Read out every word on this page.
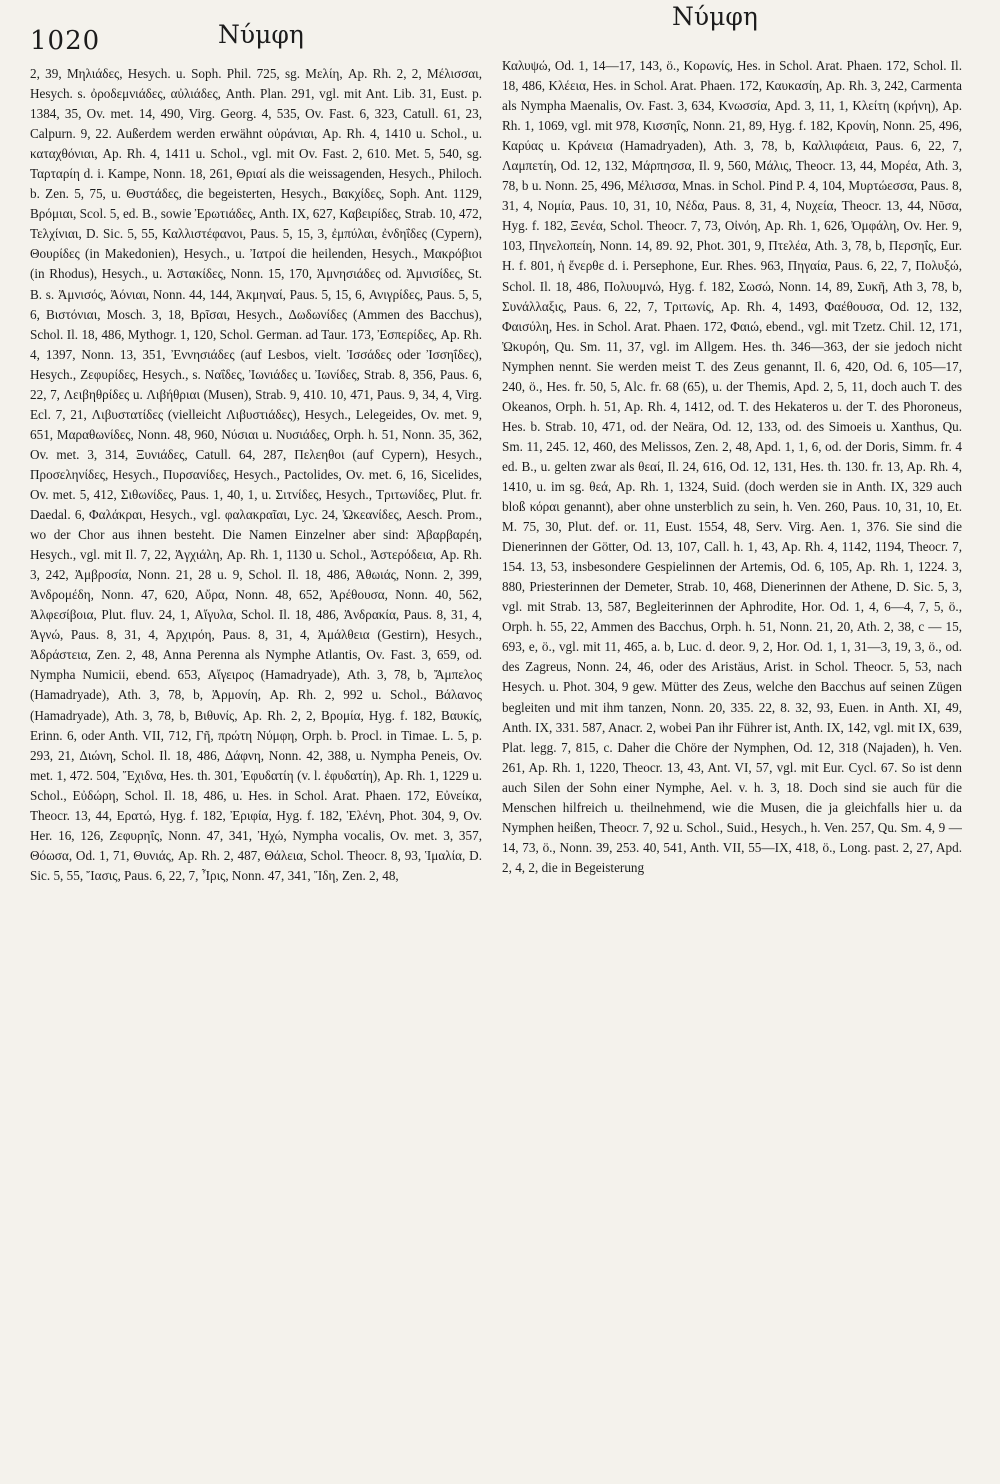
1020	Νύμφη
Νύμφη

2, 39, Μηλιάδες, Hesych. u. Soph. Phil. 725, sg. Μελίη, Ap. Rh. 2, 2, Μέλισσαι, Hesych. s. ὀροδεμνιάδες, αὐλιάδες, Anth. Plan. 291, vgl. mit Ant. Lib. 31, Eust. p. 1384, 35, Ov. met. 14, 490, Virg. Georg. 4, 535, Ov. Fast. 6, 323, Catull. 61, 23, Calpurn. 9, 22. Außerdem werden erwähnt οὐράνιαι, Ap. Rh. 4, 1410 u. Schol., u. καταχθόνιαι, Ap. Rh. 4, 1411 u. Schol., vgl. mit Ov. Fast. 2, 610. Met. 5, 540, sg. Ταρταρίη d. i. Kampe, Nonn. 18, 261, Θριαί als die weissagenden, Hesych., Philoch. b. Zen. 5, 75, u. Θυστάδες, die begeisterten, Hesych., Βακχίδες, Soph. Ant. 1129, Βρόμιαι, Scol. 5, ed. B., sowie Ἐρωτιάδες, Anth. IX, 627, Καβειρίδες, Strab. 10, 472, Τελχίνιαι, D. Sic. 5, 55, Καλλιστέφανοι, Paus. 5, 15, 3, ἐμπύλαι, ἐνδηΐδες (Cypern), Θουρίδες (in Makedonien), Hesych., u. Ἰατροί die heilenden, Hesych., Μακρόβιοι (in Rhodus), Hesych., u. Ἀστακίδες, Nonn. 15, 170, Ἀμνησιάδες od. Ἀμνισίδες, St. B. s. Ἀμνισός, Ἀόνιαι, Nonn. 44, 144, Ἀκμηναί, Paus. 5, 15, 6, Ανιγρίδες, Paus. 5, 5, 6, Βιστόνιαι, Mosch. 3, 18, Βρῖσαι, Hesych., Δωδωνίδες (Ammen des Bacchus), Schol. Il. 18, 486, Mythogr. 1, 120, Schol. German. ad Taur. 173, Ἐσπερίδες, Ap. Rh. 4, 1397, Nonn. 13, 351, Ἐννησιάδες (auf Lesbos, vielt. Ἰσσάδες oder Ἰσσηΐδες), Hesych., Ζεφυρίδες, Hesych., s. Ναΐδες, Ἰωνιάδες u. Ἰωνίδες, Strab. 8, 356, Paus. 6, 22, 7, Λειβηθρίδες u. Λιβήθριαι (Musen), Strab. 9, 410. 10, 471, Paus. 9, 34, 4, Virg. Ecl. 7, 21, Λιβυστατίδες (vielleicht Λιβυστιάδες), Hesych., Lelegeides, Ov. met. 9, 651, Μαραθωνίδες, Nonn. 48, 960, Νύσιαι u. Νυσιάδες, Orph. h. 51, Nonn. 35, 362, Ov. met. 3, 314, Ξυνιάδες, Catull. 64, 287, Πελεηθοι (auf Cypern), Hesych., Προσεληνίδες, Hesych., Πυρσανίδες, Hesych., Pactolides, Ov. met. 6, 16, Sicelides, Ov. met. 5, 412, Σιθωνίδες, Paus. 1, 40, 1, u. Σιτνίδες, Hesych., Τριτωνίδες, Plut. fr. Daedal. 6, Φαλάκραι, Hesych., vgl. φαλακραῖαι, Lyc. 24, Ὠκεανίδες, Aesch. Prom., wo der Chor aus ihnen besteht. Die Namen Einzelner aber sind: Ἀβαρβαρέη, Hesych., vgl. mit Il. 7, 22, Ἀγχιάλη, Ap. Rh. 1, 1130 u. Schol., Ἀστερόδεια, Ap. Rh. 3, 242, Ἀμβροσία, Nonn. 21, 28 u. 9, Schol. Il. 18, 486, Ἀθωιάς, Nonn. 2, 399, Ἀνδρομέδη, Nonn. 47, 620, Αὔρα, Nonn. 48, 652, Ἀρέθουσα, Nonn. 40, 562, Ἀλφεσίβοια, Plut. fluv. 24, 1, Αἴγυλα, Schol. Il. 18, 486, Ἀνδρακία, Paus. 8, 31, 4, Ἁγνώ, Paus. 8, 31, 4, Ἀρχιρόη, Paus. 8, 31, 4, Ἀμάλθεια (Gestirn), Hesych., Ἀδράστεια, Zen. 2, 48, Anna Perenna als Nymphe Atlantis, Ov. Fast. 3, 659, od. Nympha Numicii, ebend. 653, Αἴγειρος (Hamadryade), Ath. 3, 78, b, Ἄμπελος (Hamadryade), Ath. 3, 78, b, Ἁρμονίη, Ap. Rh. 2, 992 u. Schol., Βάλανος (Hamadryade), Ath. 3, 78, b, Βιθυνίς, Ap. Rh. 2, 2, Βρομία, Hyg. f. 182, Βαυκίς, Erinn. 6, oder Anth. VII, 712, Γῆ, πρώτη Νύμφη, Orph. b. Procl. in Timae. L. 5, p. 293, 21, Διώνη, Schol. Il. 18, 486, Δάφνη, Nonn. 42, 388, u. Nympha Peneis, Ov. met. 1, 472. 504, Ἔχιδνα, Hes. th. 301, Ἐφυδατίη (v. l. ἐφυδατίη), Ap. Rh. 1, 1229 u. Schol., Εὐδώρη, Schol. Il. 18, 486, u. Hes. in Schol. Arat. Phaen. 172, Εὐνείκα, Theocr. 13, 44, Ερατώ, Hyg. f. 182, Ἐριφία, Hyg. f. 182, Ἑλένη, Phot. 304, 9, Ov. Her. 16, 126, Ζεφυρηΐς, Nonn. 47, 341, Ἠχώ, Nympha vocalis, Ov. met. 3, 357, Θόωσα, Od. 1, 71, Θυνιάς, Ap. Rh. 2, 487, Θάλεια, Schol. Theocr. 8, 93, Ἱμαλία, D. Sic. 5, 55, Ἴασις, Paus. 6, 22, 7, Ἶρις, Nonn. 47, 341, Ἴδη, Zen. 2, 48,

Καλυψώ, Od. 1, 14—17, 143, ö., Κορωνίς, Hes. in Schol. Arat. Phaen. 172, Schol. Il. 18, 486, Κλέεια, Hes. in Schol. Arat. Phaen. 172, Καυκασίη, Ap. Rh. 3, 242, Carmenta als Nympha Maenalis, Ov. Fast. 3, 634, Κνωσσία, Apd. 3, 11, 1, Κλείτη (κρήνη), Ap. Rh. 1, 1069, vgl. mit 978, Κισσηΐς, Nonn. 21, 89, Hyg. f. 182, Κρονίη, Nonn. 25, 496, Καρύας u. Κράνεια (Hamadryaden), Ath. 3, 78, b, Καλλιφάεια, Paus. 6, 22, 7, Λαμπετίη, Od. 12, 132, Μάρπησσα, Il. 9, 560, Μάλις, Theocr. 13, 44, Μορέα, Ath. 3, 78, b u. Nonn. 25, 496, Μέλισσα, Mnas. in Schol. Pind P. 4, 104, Μυρτώεσσα, Paus. 8, 31, 4, Νομία, Paus. 10, 31, 10, Νέδα, Paus. 8, 31, 4, Νυχεία, Theocr. 13, 44, Νῦσα, Hyg. f. 182, Ξενέα, Schol. Theocr. 7, 73, Οἰνόη, Ap. Rh. 1, 626, Ὀμφάλη, Ov. Her. 9, 103, Πηνελοπείη, Nonn. 14, 89. 92, Phot. 301, 9, Πτελέα, Ath. 3, 78, b, Περσηΐς, Eur. H. f. 801, ἡ ἔνερθε d. i. Persephone, Eur. Rhes. 963, Πηγαία, Paus. 6, 22, 7, Πολυξώ, Schol. Il. 18, 486, Πολυυμνώ, Hyg. f. 182, Σωσώ, Nonn. 14, 89, Συκῆ, Ath 3, 78, b, Συνάλλαξις, Paus. 6, 22, 7, Τριτωνίς, Ap. Rh. 4, 1493, Φαέθουσα, Od. 12, 132, Φαισύλη, Hes. in Schol. Arat. Phaen. 172, Φαιώ, ebend., vgl. mit Tzetz. Chil. 12, 171, Ὠκυρόη, Qu. Sm. 11, 37, vgl. im Allgem. Hes. th. 346—363, der sie jedoch nicht Nymphen nennt. Sie werden meist T. des Zeus genannt, Il. 6, 420, Od. 6, 105—17, 240, ö., Hes. fr. 50, 5, Alc. fr. 68 (65), u. der Themis, Apd. 2, 5, 11, doch auch T. des Okeanos, Orph. h. 51, Ap. Rh. 4, 1412, od. T. des Hekateros u. der T. des Phoroneus, Hes. b. Strab. 10, 471, od. der Neära, Od. 12, 133, od. des Simoeis u. Xanthus, Qu. Sm. 11, 245. 12, 460, des Melissos, Zen. 2, 48, Apd. 1, 1, 6, od. der Doris, Simm. fr. 4 ed. B., u. gelten zwar als θεαί, Il. 24, 616, Od. 12, 131, Hes. th. 130. fr. 13, Ap. Rh. 4, 1410, u. im sg. θεά, Ap. Rh. 1, 1324, Suid. (doch werden sie in Anth. IX, 329 auch bloß κόραι genannt), aber ohne unsterblich zu sein, h. Ven. 260, Paus. 10, 31, 10, Et. M. 75, 30, Plut. def. or. 11, Eust. 1554, 48, Serv. Virg. Aen. 1, 376. Sie sind die Dienerinnen der Götter, Od. 13, 107, Call. h. 1, 43, Ap. Rh. 4, 1142, 1194, Theocr. 7, 154. 13, 53, insbesondere Gespielinnen der Artemis, Od. 6, 105, Ap. Rh. 1, 1224. 3, 880, Priesterinnen der Demeter, Strab. 10, 468, Dienerinnen der Athene, D. Sic. 5, 3, vgl. mit Strab. 13, 587, Begleiterinnen der Aphrodite, Hor. Od. 1, 4, 6—4, 7, 5, ö., Orph. h. 55, 22, Ammen des Bacchus, Orph. h. 51, Nonn. 21, 20, Ath. 2, 38, c — 15, 693, e, ö., vgl. mit 11, 465, a. b, Luc. d. deor. 9, 2, Hor. Od. 1, 1, 31—3, 19, 3, ö., od. des Zagreus, Nonn. 24, 46, oder des Aristäus, Arist. in Schol. Theocr. 5, 53, nach Hesych. u. Phot. 304, 9 gew. Mütter des Zeus, welche den Bacchus auf seinen Zügen begleiten und mit ihm tanzen, Nonn. 20, 335. 22, 8. 32, 93, Euen. in Anth. XI, 49, Anth. IX, 331. 587, Anacr. 2, wobei Pan ihr Führer ist, Anth. IX, 142, vgl. mit IX, 639, Plat. legg. 7, 815, c. Daher die Chöre der Nymphen, Od. 12, 318 (Najaden), h. Ven. 261, Ap. Rh. 1, 1220, Theocr. 13, 43, Ant. VI, 57, vgl. mit Eur. Cycl. 67. So ist denn auch Silen der Sohn einer Nymphe, Ael. v. h. 3, 18. Doch sind sie auch für die Menschen hilfreich u. theilnehmend, wie die Musen, die ja gleichfalls hier u. da Nymphen heißen, Theocr. 7, 92 u. Schol., Suid., Hesych., h. Ven. 257, Qu. Sm. 4, 9 — 14, 73, ö., Nonn. 39, 253. 40, 541, Anth. VII, 55—IX, 418, ö., Long. past. 2, 27, Apd. 2, 4, 2, die in Begeisterung
